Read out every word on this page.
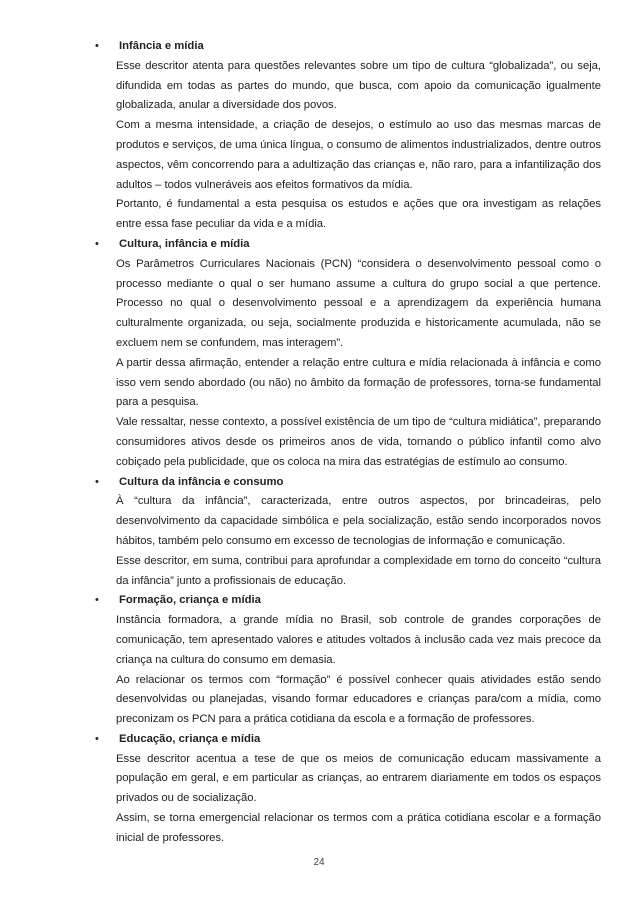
• Infância e mídia

Esse descritor atenta para questões relevantes sobre um tipo de cultura “globalizada”, ou seja, difundida em todas as partes do mundo, que busca, com apoio da comunicação igualmente globalizada, anular a diversidade dos povos.

Com a mesma intensidade, a criação de desejos, o estímulo ao uso das mesmas marcas de produtos e serviços, de uma única língua, o consumo de alimentos industrializados, dentre outros aspectos, vêm concorrendo para a adultização das crianças e, não raro, para a infantilização dos adultos – todos vulneráveis aos efeitos formativos da mídia.

Portanto, é fundamental a esta pesquisa os estudos e ações que ora investigam as relações entre essa fase peculiar da vida e a mídia.

• Cultura, infância e mídia

Os Parâmetros Curriculares Nacionais (PCN) “considera o desenvolvimento pessoal como o processo mediante o qual o ser humano assume a cultura do grupo social a que pertence. Processo no qual o desenvolvimento pessoal e a aprendizagem da experiência humana culturalmente organizada, ou seja, socialmente produzida e historicamente acumulada, não se excluem nem se confundem, mas interagem”.

A partir dessa afirmação, entender a relação entre cultura e mídia relacionada à infância e como isso vem sendo abordado (ou não) no âmbito da formação de professores, torna-se fundamental para a pesquisa.

Vale ressaltar, nesse contexto, a possível existência de um tipo de “cultura midiática”, preparando consumidores ativos desde os primeiros anos de vida, tornando o público infantil como alvo cobiçado pela publicidade, que os coloca na mira das estratégias de estímulo ao consumo.

• Cultura da infância e consumo

À “cultura da infância”, caracterizada, entre outros aspectos, por brincadeiras, pelo desenvolvimento da capacidade simbólica e pela socialização, estão sendo incorporados novos hábitos, também pelo consumo em excesso de tecnologias de informação e comunicação.

Esse descritor, em suma, contribui para aprofundar a complexidade em torno do conceito “cultura da infância” junto a profissionais de educação.

• Formação, criança e mídia

Instância formadora, a grande mídia no Brasil, sob controle de grandes corporações de comunicação, tem apresentado valores e atitudes voltados à inclusão cada vez mais precoce da criança na cultura do consumo em demasia.

Ao relacionar os termos com “formação” é possível conhecer quais atividades estão sendo desenvolvidas ou planejadas, visando formar educadores e crianças para/com a mídia, como preconizam os PCN para a prática cotidiana da escola e a formação de professores.

• Educação, criança e mídia

Esse descritor acentua a tese de que os meios de comunicação educam massivamente a população em geral, e em particular as crianças, ao entrarem diariamente em todos os espaços privados ou de socialização.

Assim, se torna emergencial relacionar os termos com a prática cotidiana escolar e a formação inicial de professores.

24
